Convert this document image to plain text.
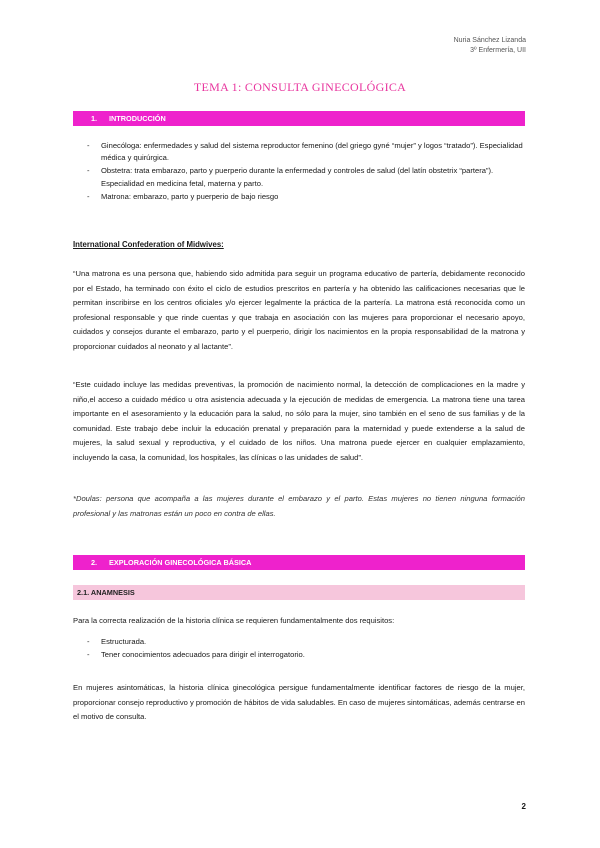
Nuria Sánchez Lizanda
3º Enfermería, UII
TEMA 1: CONSULTA GINECOLÓGICA
1. INTRODUCCIÓN
-	Ginecóloga: enfermedades y salud del sistema reproductor femenino (del griego gyné “mujer” y logos “tratado”). Especialidad médica y quirúrgica.
-	Obstetra: trata embarazo, parto y puerperio durante la enfermedad y controles de salud (del latín obstetrix “partera”). Especialidad en medicina fetal, materna y parto.
-	Matrona: embarazo, parto y puerperio de bajo riesgo

International Confederation of Midwives:

“Una matrona es una persona que, habiendo sido admitida para seguir un programa educativo de partería, debidamente reconocido por el Estado, ha terminado con éxito el ciclo de estudios prescritos en partería y ha obtenido las calificaciones necesarias que le permitan inscribirse en los centros oficiales y/o ejercer legalmente la práctica de la partería. La matrona está reconocida como un profesional responsable y que rinde cuentas y que trabaja en asociación con las mujeres para proporcionar el necesario apoyo, cuidados y consejos durante el embarazo, parto y el puerperio, dirigir los nacimientos en la propia responsabilidad de la matrona y proporcionar cuidados al neonato y al lactante”.

“Este cuidado incluye las medidas preventivas, la promoción de nacimiento normal, la detección de complicaciones en la madre y niño,el acceso a cuidado médico u otra asistencia adecuada y la ejecución de medidas de emergencia. La matrona tiene una tarea importante en el asesoramiento y la educación para la salud, no sólo para la mujer, sino también en el seno de sus familias y de la comunidad. Este trabajo debe incluir la educación prenatal y preparación para la maternidad y puede extenderse a la salud de mujeres, la salud sexual y reproductiva, y el cuidado de los niños. Una matrona puede ejercer en cualquier emplazamiento, incluyendo la casa, la comunidad, los hospitales, las clínicas o las unidades de salud”.

*Doulas: persona que acompaña a las mujeres durante el embarazo y el parto. Estas mujeres no tienen ninguna formación profesional y las matronas están un poco en contra de ellas.

2. EXPLORACIÓN GINECOLÓGICA BÁSICA
2.1. ANAMNESIS

Para la correcta realización de la historia clínica se requieren fundamentalmente dos requisitos:

-	Estructurada.
-	Tener conocimientos adecuados para dirigir el interrogatorio.

En mujeres asintomáticas, la historia clínica ginecológica persigue fundamentalmente identificar factores de riesgo de la mujer, proporcionar consejo reproductivo y promoción de hábitos de vida saludables. En caso de mujeres sintomáticas, además centrarse en el motivo de consulta.

2
